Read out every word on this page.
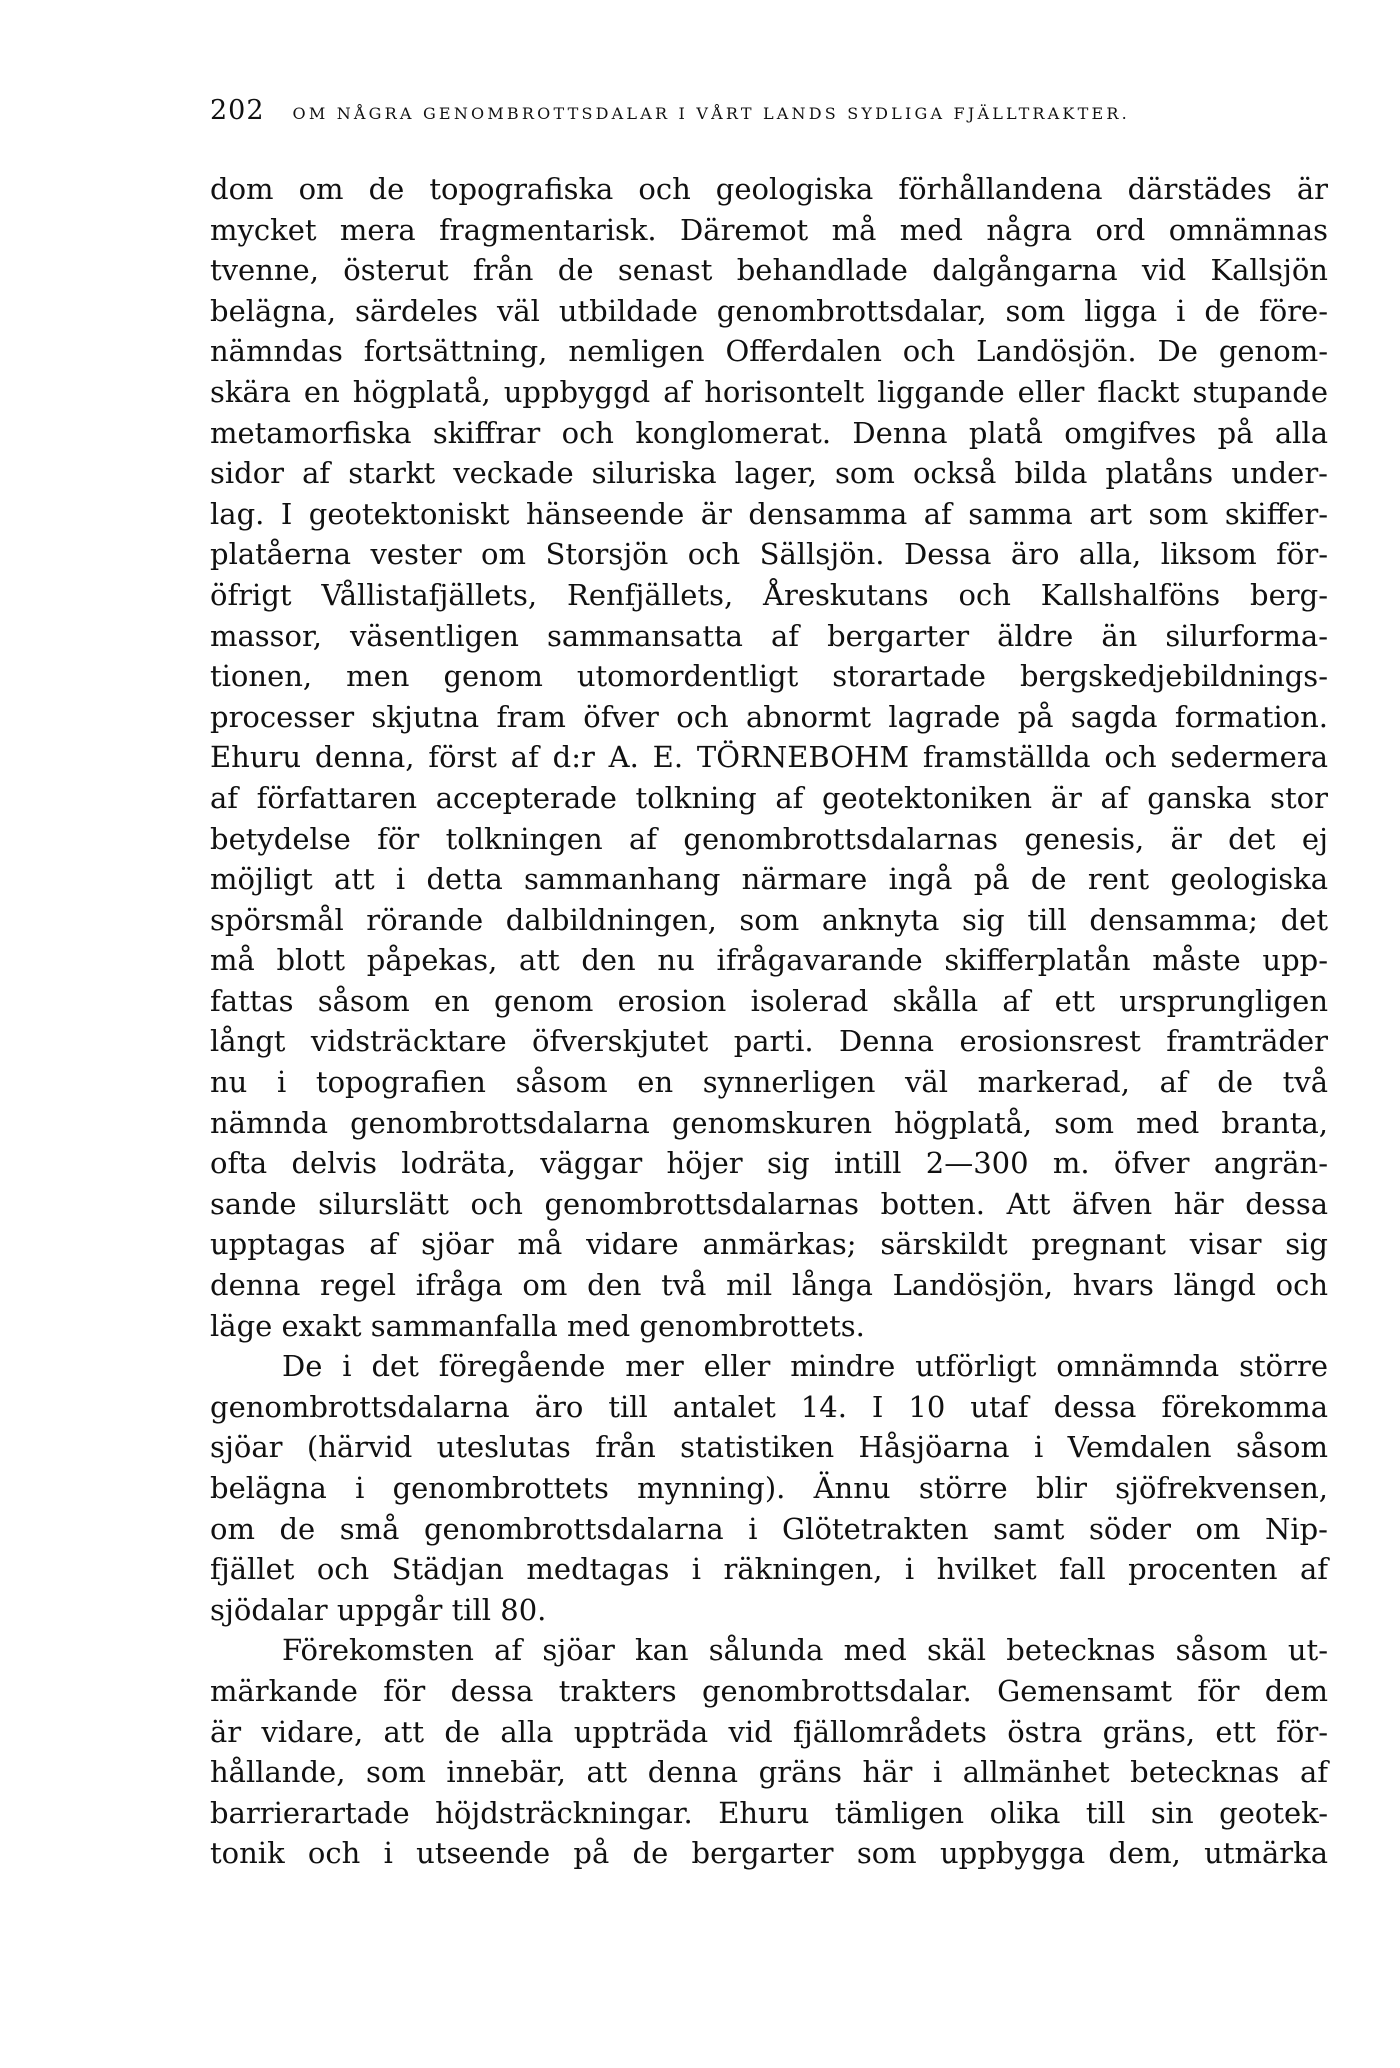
202 OM NÅGRA GENOMBROTTSDALAR I VÅRT LANDS SYDLIGA FJÄLLTRAKTER.

dom om de topografiska och geologiska förhållandena därstädes är
mycket mera fragmentarisk. Däremot må med några ord omnämnas
tvenne, österut från de senast behandlade dalgångarna vid Kallsjön
belägna, särdeles väl utbildade genombrottsdalar, som ligga i de före-
nämndas fortsättning, nemligen Offerdalen och Landösjön. De genom-
skära en högplatå, uppbyggd af horisontelt liggande eller flackt stupande
metamorfiska skiffrar och konglomerat. Denna platå omgifves på alla
sidor af starkt veckade siluriska lager, som också bilda platåns under-
lag. I geotektoniskt hänseende är densamma af samma art som skiffer-
platåerna vester om Storsjön och Sällsjön. Dessa äro alla, liksom för-
öfrigt Vållistafjällets, Renfjällets, Åreskutans och Kallshalföns berg-
massor, väsentligen sammansatta af bergarter äldre än silurforma-
tionen, men genom utomordentligt storartade bergskedjebildnings-
processer skjutna fram öfver och abnormt lagrade på sagda formation.
Ehuru denna, först af d:r A. E. TÖRNEBOHM framställda och sedermera
af författaren accepterade tolkning af geotektoniken är af ganska stor
betydelse för tolkningen af genombrottsdalarnas genesis, är det ej
möjligt att i detta sammanhang närmare ingå på de rent geologiska
spörsmål rörande dalbildningen, som anknyta sig till densamma; det
må blott påpekas, att den nu ifrågavarande skifferplatån måste upp-
fattas såsom en genom erosion isolerad skålla af ett ursprungligen
långt vidsträcktare öfverskjutet parti. Denna erosionsrest framträder
nu i topografien såsom en synnerligen väl markerad, af de två
nämnda genombrottsdalarna genomskuren högplatå, som med branta,
ofta delvis lodräta, väggar höjer sig intill 2—300 m. öfver angrän-
sande silurslätt och genombrottsdalarnas botten. Att äfven här dessa
upptagas af sjöar må vidare anmärkas; särskildt pregnant visar sig
denna regel ifråga om den två mil långa Landösjön, hvars längd och
läge exakt sammanfalla med genombrottets.

De i det föregående mer eller mindre utförligt omnämnda större
genombrottsdalarna äro till antalet 14. I 10 utaf dessa förekomma
sjöar (härvid uteslutas från statistiken Håsjöarna i Vemdalen såsom
belägna i genombrottets mynning). Ännu större blir sjöfrekvensen,
om de små genombrottsdalarna i Glötetrakten samt söder om Nip-
fjället och Städjan medtagas i räkningen, i hvilket fall procenten af
sjödalar uppgår till 80.

Förekomsten af sjöar kan sålunda med skäl betecknas såsom ut-
märkande för dessa trakters genombrottsdalar. Gemensamt för dem
är vidare, att de alla uppträda vid fjällområdets östra gräns, ett för-
hållande, som innebär, att denna gräns här i allmänhet betecknas af
barrierartade höjdsträckningar. Ehuru tämligen olika till sin geotek-
tonik och i utseende på de bergarter som uppbygga dem, utmärka
